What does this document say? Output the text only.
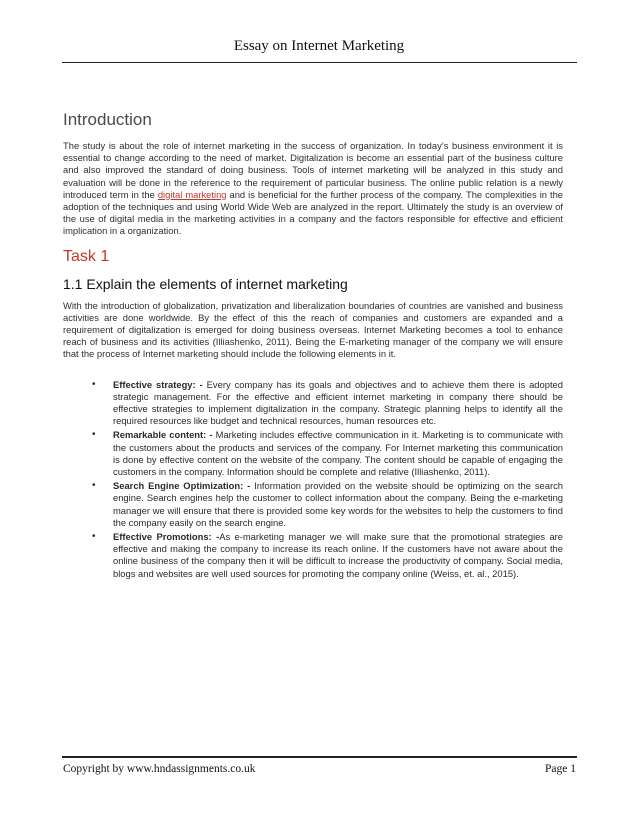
Essay on Internet Marketing
Introduction

The study is about the role of internet marketing in the success of organization. In today’s business environment it is essential to change according to the need of market. Digitalization is become an essential part of the business culture and also improved the standard of doing business. Tools of internet marketing will be analyzed in this study and evaluation will be done in the reference to the requirement of particular business. The online public relation is a newly introduced term in the digital marketing and is beneficial for the further process of the company. The complexities in the adoption of the techniques and using World Wide Web are analyzed in the report. Ultimately the study is an overview of the use of digital media in the marketing activities in a company and the factors responsible for effective and efficient implication in a organization.

Task 1
1.1 Explain the elements of internet marketing

With the introduction of globalization, privatization and liberalization boundaries of countries are vanished and business activities are done worldwide. By the effect of this the reach of companies and customers are expanded and a requirement of digitalization is emerged for doing business overseas. Internet Marketing becomes a tool to enhance reach of business and its activities (Illiashenko, 2011). Being the E-marketing manager of the company we will ensure that the process of Internet marketing should include the following elements in it.

• Effective strategy: - Every company has its goals and objectives and to achieve them there is adopted strategic management. For the effective and efficient internet marketing in company there should be effective strategies to implement digitalization in the company. Strategic planning helps to identify all the required resources like budget and technical resources, human resources etc.
• Remarkable content: - Marketing includes effective communication in it. Marketing is to communicate with the customers about the products and services of the company. For Internet marketing this communication is done by effective content on the website of the company. The content should be capable of engaging the customers in the company. Information should be complete and relative (Illiashenko, 2011).
• Search Engine Optimization: - Information provided on the website should be optimizing on the search engine. Search engines help the customer to collect information about the company. Being the e-marketing manager we will ensure that there is provided some key words for the websites to help the customers to find the company easily on the search engine.
• Effective Promotions: -As e-marketing manager we will make sure that the promotional strategies are effective and making the company to increase its reach online. If the customers have not aware about the online business of the company then it will be difficult to increase the productivity of company. Social media, blogs and websites are well used sources for promoting the company online (Weiss, et. al., 2015).
Copyright by www.hndassignments.co.uk	Page 1
